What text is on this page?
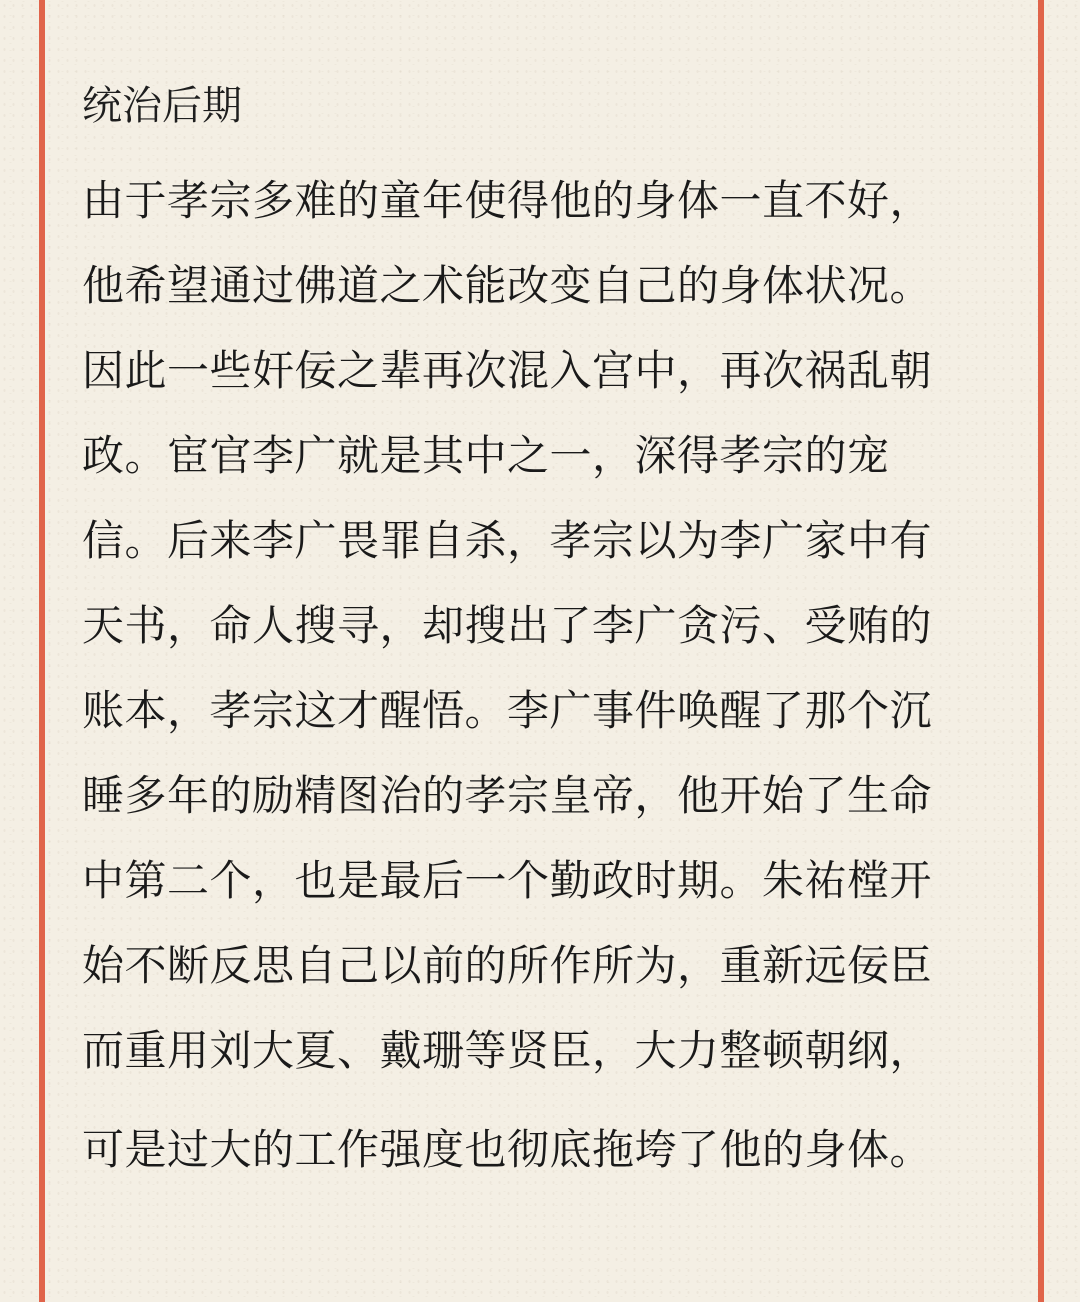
统治后期

由于孝宗多难的童年使得他的身体一直不好，

他希望通过佛道之术能改变自己的身体状况。

因此一些奸佞之辈再次混入宫中，再次祸乱朝

政。宦官李广就是其中之一，深得孝宗的宠

信。后来李广畏罪自杀，孝宗以为李广家中有

天书，命人搜寻，却搜出了李广贪污、受贿的

账本，孝宗这才醒悟。李广事件唤醒了那个沉

睡多年的励精图治的孝宗皇帝，他开始了生命

中第二个，也是最后一个勤政时期。朱祐樘开

始不断反思自己以前的所作所为，重新远佞臣

而重用刘大夏、戴珊等贤臣，大力整顿朝纲，

可是过大的工作强度也彻底拖垮了他的身体。
